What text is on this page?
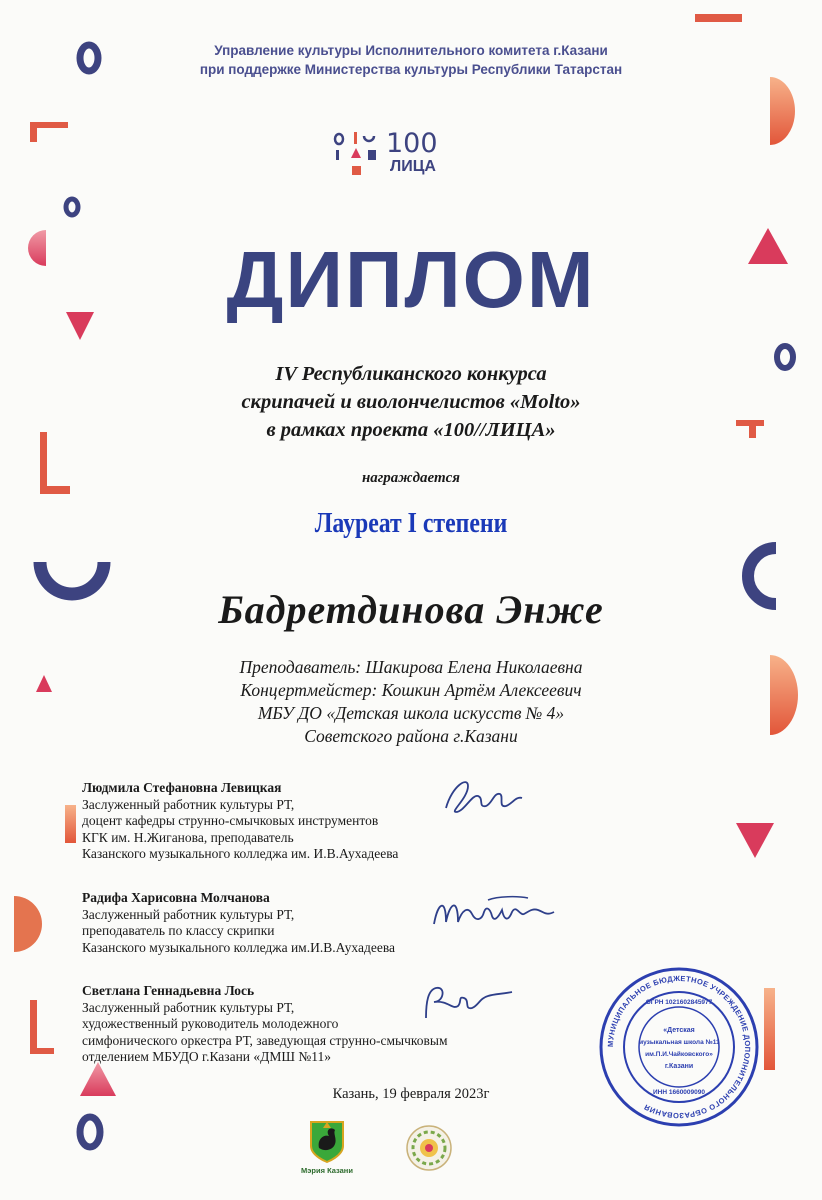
Управление культуры Исполнительного комитета г.Казани
при поддержке Министерства культуры Республики Татарстан
100
ЛИЦА
ДИПЛОМ
IV Республиканского конкурса
скрипачей и виолончелистов «Molto»
в рамках проекта «100//ЛИЦА»
награждается
Лауреат I степени
Бадретдинова Энже
Преподаватель: Шакирова Елена Николаевна
Концертмейстер: Кошкин Артём Алексеевич
МБУ ДО «Детская школа искусств № 4»
Советского района г.Казани
Людмила Стефановна Левицкая
Заслуженный работник культуры РТ,
доцент кафедры струнно-смычковых инструментов
КГК им. Н.Жиганова, преподаватель
Казанского музыкального колледжа им. И.В.Аухадеева
Радифа Харисовна Молчанова
Заслуженный работник культуры РТ,
преподаватель по классу скрипки
Казанского музыкального колледжа им.И.В.Аухадеева
Светлана Геннадьевна Лось
Заслуженный работник культуры РТ,
художественный руководитель молодежного
симфонического оркестра РТ, заведующая струнно-смычковым
отделением МБУДО г.Казани «ДМШ №11»
МУНИЦИПАЛЬНОЕ БЮДЖЕТНОЕ УЧРЕЖДЕНИЕ ДОПОЛНИТЕЛЬНОГО ОБРАЗОВАНИЯ
ОГРН 1021602845977
«Детская
музыкальная школа №11
им.П.И.Чайковского»
г.Казани
ИНН 1660009090
Казань, 19 февраля 2023г
Мэрия Казани
